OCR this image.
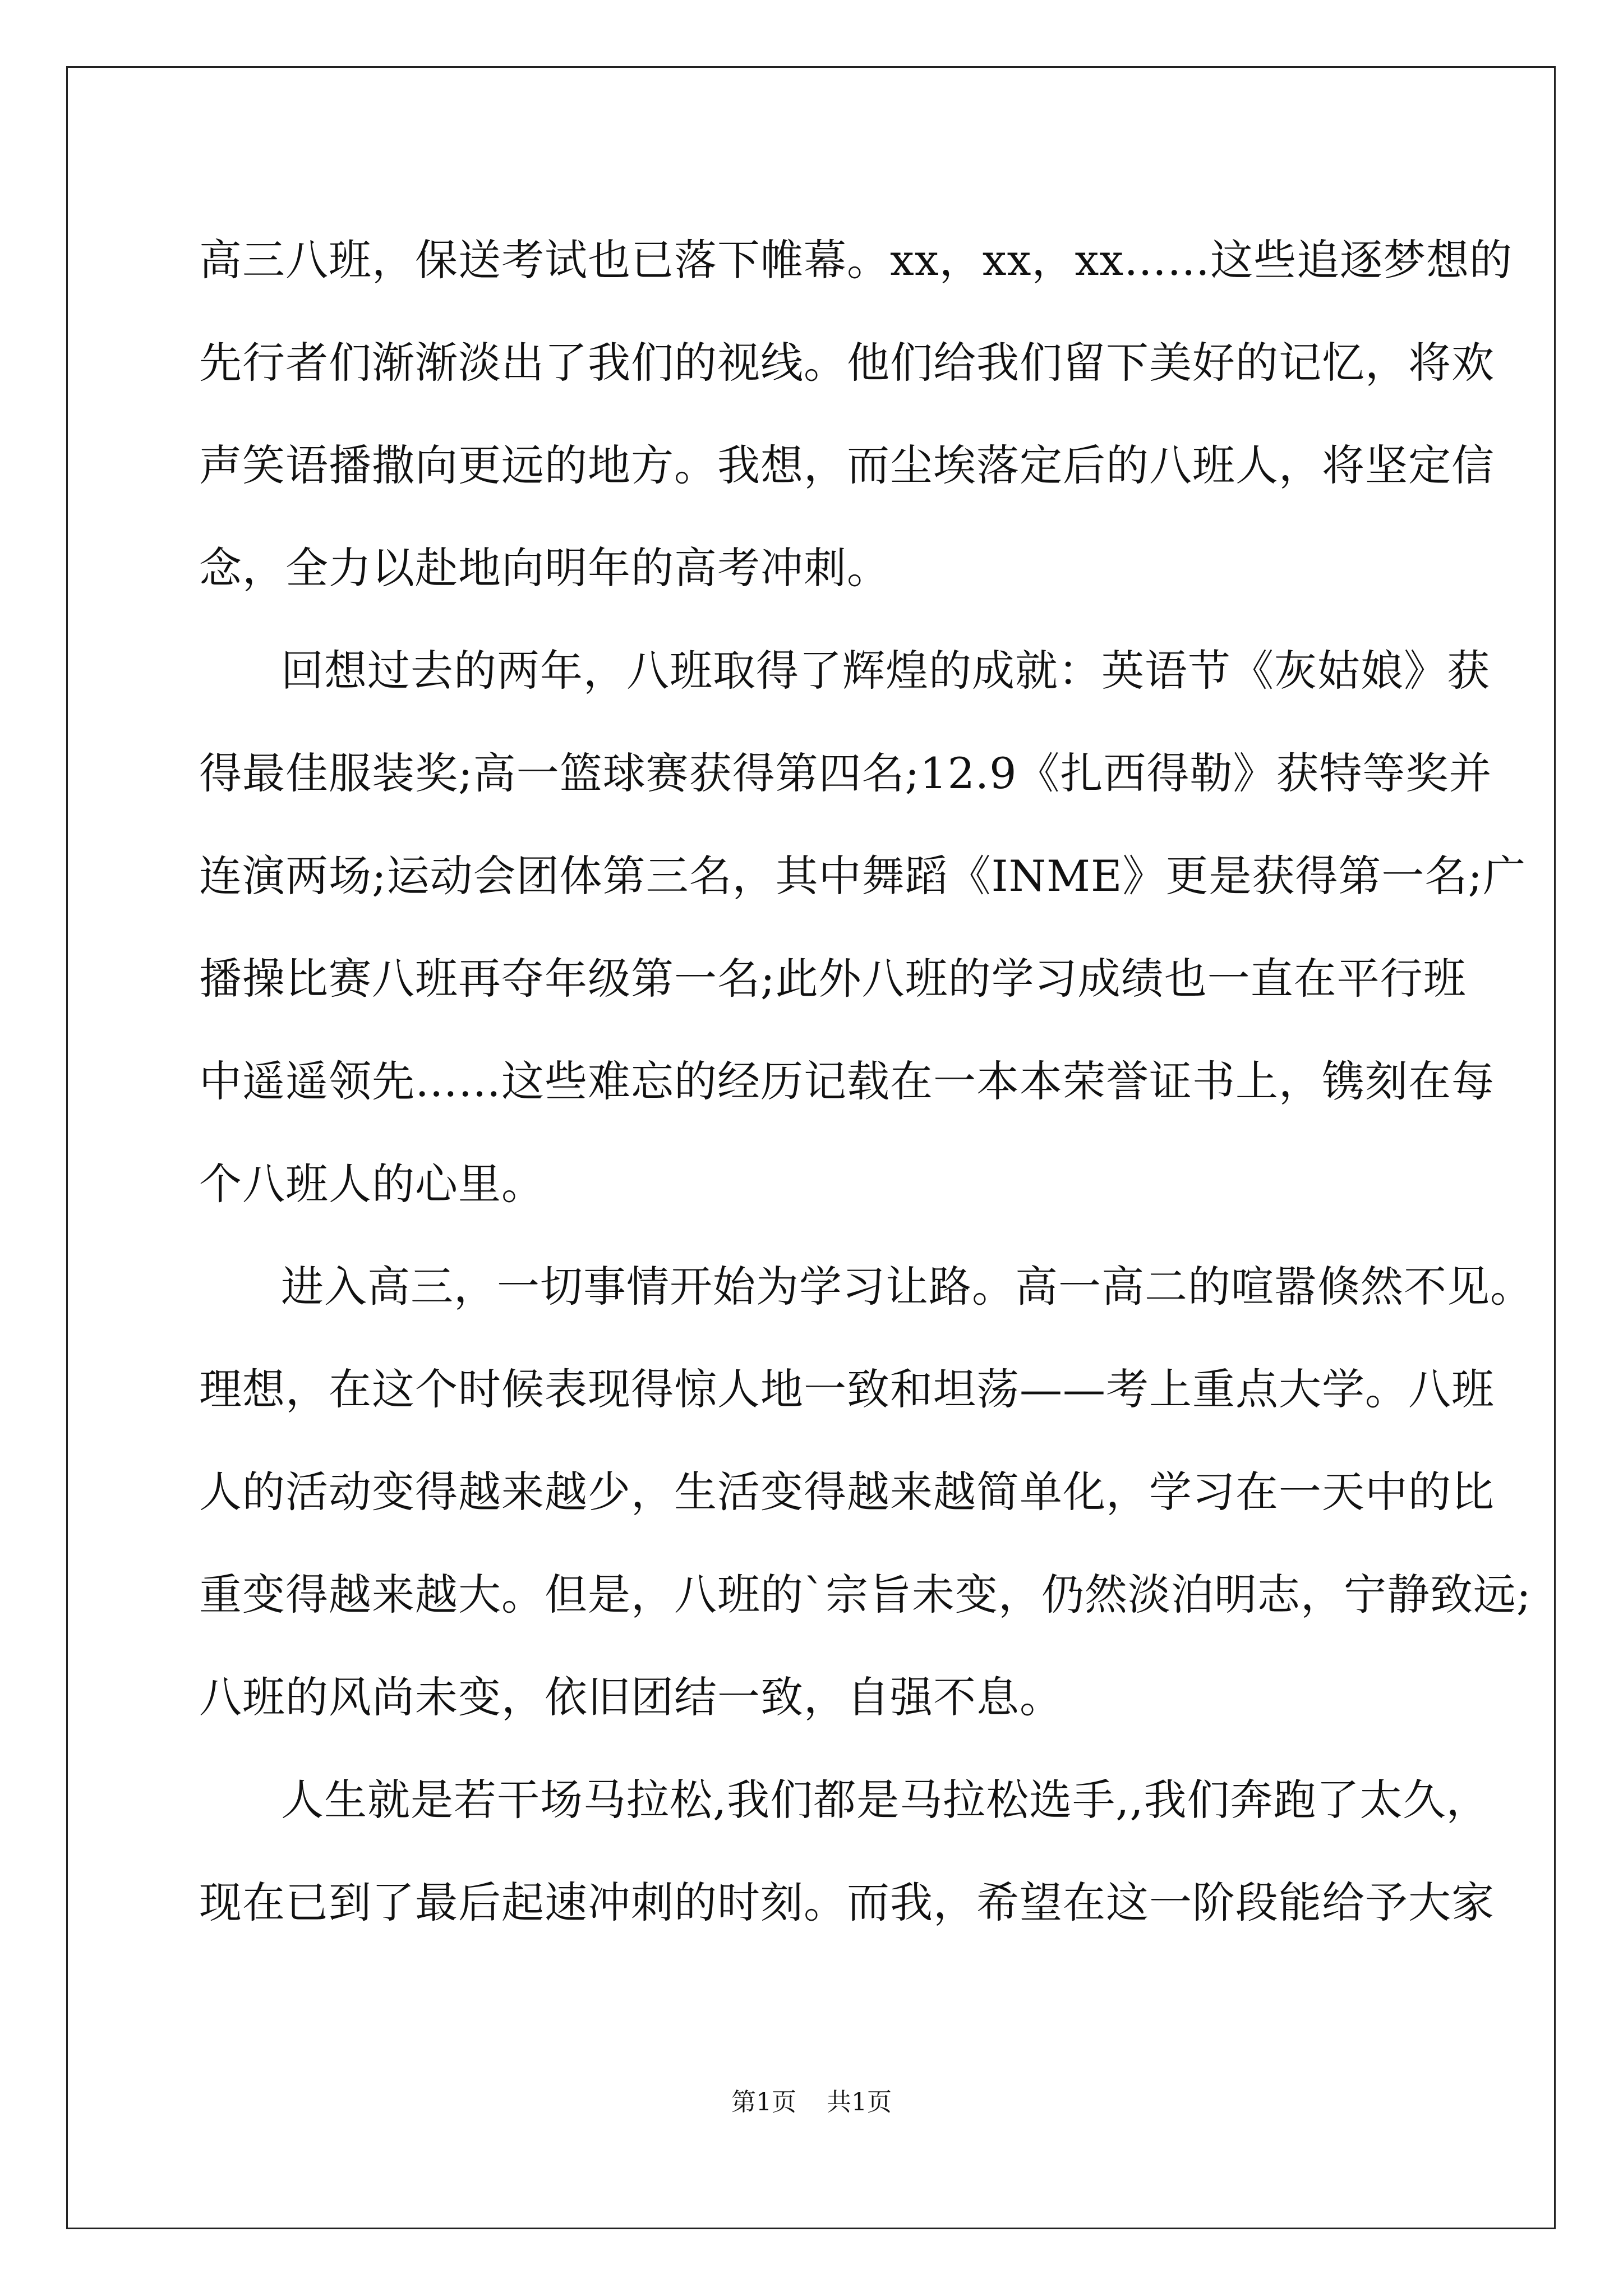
高三八班，保送考试也已落下帷幕。xx，xx，xx……这些追逐梦想的
先行者们渐渐淡出了我们的视线。他们给我们留下美好的记忆，将欢
声笑语播撒向更远的地方。我想，而尘埃落定后的八班人，将坚定信
念，全力以赴地向明年的高考冲刺。
回想过去的两年，八班取得了辉煌的成就：英语节《灰姑娘》获
得最佳服装奖;高一篮球赛获得第四名;12.9《扎西得勒》获特等奖并
连演两场;运动会团体第三名，其中舞蹈《INME》更是获得第一名;广
播操比赛八班再夺年级第一名;此外八班的学习成绩也一直在平行班
中遥遥领先……这些难忘的经历记载在一本本荣誉证书上，镌刻在每
个八班人的心里。
进入高三，一切事情开始为学习让路。高一高二的喧嚣倏然不见。
理想，在这个时候表现得惊人地一致和坦荡——考上重点大学。八班
人的活动变得越来越少，生活变得越来越简单化，学习在一天中的比
重变得越来越大。但是，八班的`宗旨未变，仍然淡泊明志，宁静致远;
八班的风尚未变，依旧团结一致，自强不息。
人生就是若干场马拉松,我们都是马拉松选手,,我们奔跑了太久，
现在已到了最后起速冲刺的时刻。而我，希望在这一阶段能给予大家
第1页 共1页
